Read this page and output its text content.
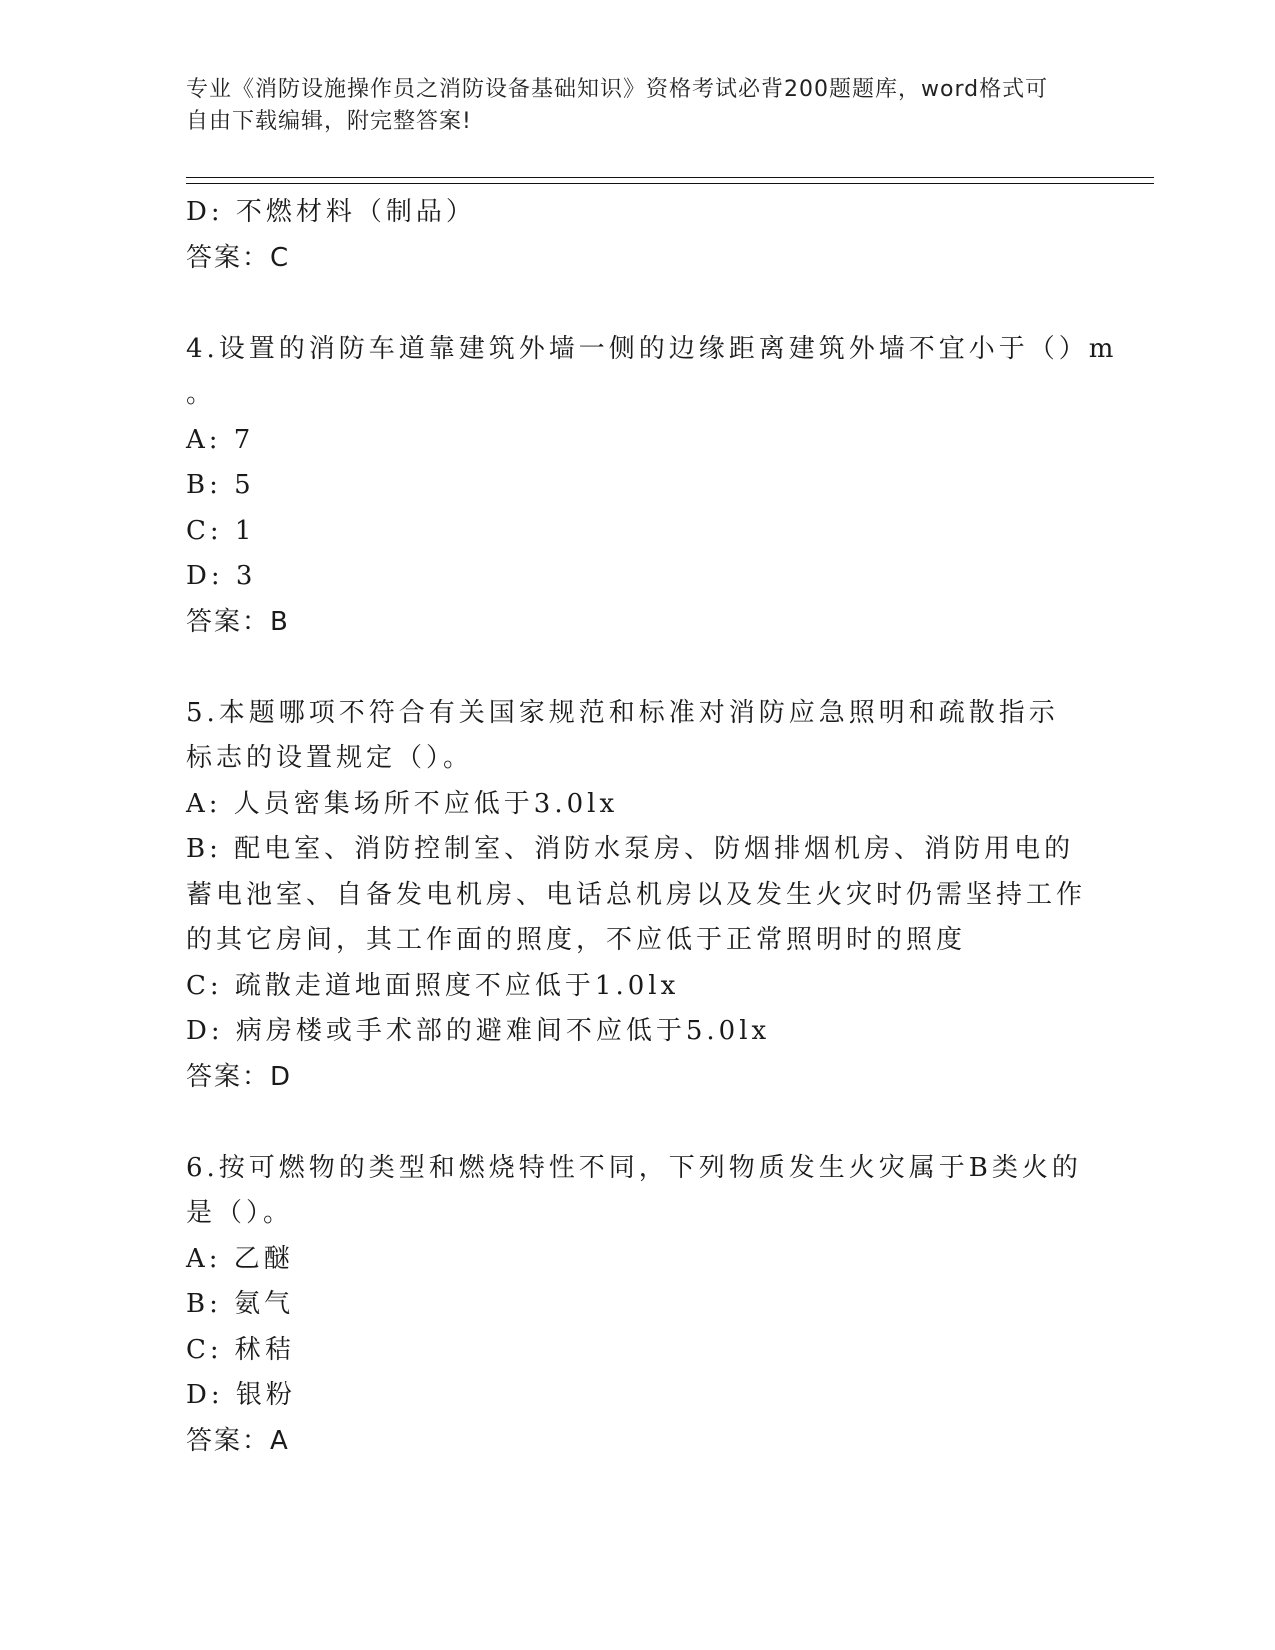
专业《消防设施操作员之消防设备基础知识》资格考试必背200题题库，word格式可自由下载编辑，附完整答案!
D: 不燃材料（制品）
答案：C
4.设置的消防车道靠建筑外墙一侧的边缘距离建筑外墙不宜小于（）m
。
A: 7
B: 5
C: 1
D: 3
答案：B
5.本题哪项不符合有关国家规范和标准对消防应急照明和疏散指示标志的设置规定（）。
A: 人员密集场所不应低于3.0lx
B: 配电室、消防控制室、消防水泵房、防烟排烟机房、消防用电的蓄电池室、自备发电机房、电话总机房以及发生火灾时仍需坚持工作的其它房间，其工作面的照度，不应低于正常照明时的照度
C: 疏散走道地面照度不应低于1.0lx
D: 病房楼或手术部的避难间不应低于5.0lx
答案：D
6.按可燃物的类型和燃烧特性不同，下列物质发生火灾属于B类火的是（）。
A: 乙醚
B: 氨气
C: 秫秸
D: 银粉
答案：A
